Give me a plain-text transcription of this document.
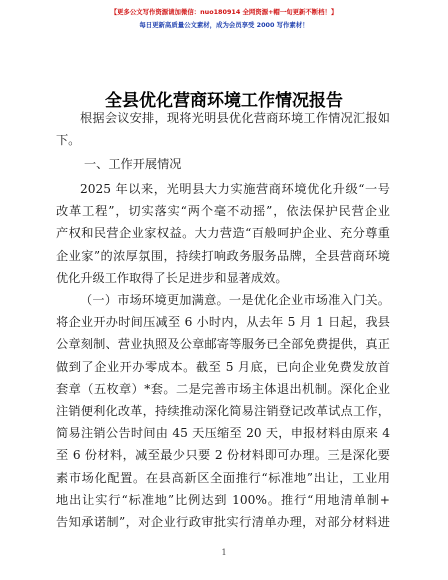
【更多公文写作资源请加微信：nuo180914 全网资源+帽一旬更新不断档！】
每日更新高质量公文素材，成为会员享受 2000 写作素材！
全县优化营商环境工作情况报告
根据会议安排，现将光明县优化营商环境工作情况汇报如
下。
一、工作开展情况
2025 年以来，光明县大力实施营商环境优化升级“一号
改革工程”，切实落实“两个毫不动摇”，依法保护民营企业
产权和民营企业家权益。大力营造“百般呵护企业、充分尊重
企业家”的浓厚氛围，持续打响政务服务品牌，全县营商环境
优化升级工作取得了长足进步和显著成效。
（一）市场环境更加满意。一是优化企业市场准入门关。
将企业开办时间压减至 6 小时内，从去年 5 月 1 日起，我县
公章刻制、营业执照及公章邮寄等服务已全部免费提供，真正
做到了企业开办零成本。截至 5 月底，已向企业免费发放首
套章（五枚章）*套。二是完善市场主体退出机制。深化企业
注销便利化改革，持续推动深化简易注销登记改革试点工作，
简易注销公告时间由 45 天压缩至 20 天，申报材料由原来 4
至 6 份材料，减至最少只要 2 份材料即可办理。三是深化要
素市场化配置。在县高新区全面推行“标准地”出让，工业用
地出让实行“标准地”比例达到 100%。推行“用地清单制+
告知承诺制”，对企业行政审批实行清单办理，对部分材料进
1
